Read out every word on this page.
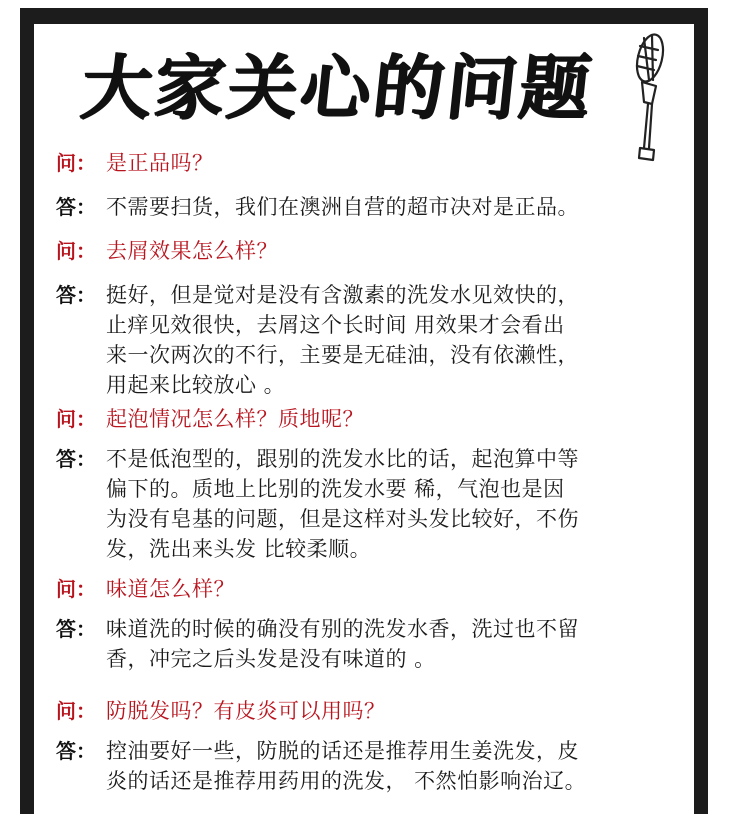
大家关心的问题
问： 是正品吗？
答： 不需要扫货，我们在澳洲自营的超市决对是正品。
问： 去屑效果怎么样？
答： 挺好，但是觉对是没有含激素的洗发水见效快的，
止痒见效很快，去屑这个长时间 用效果才会看出
来一次两次的不行，主要是无硅油，没有依濑性，
用起来比较放心 。
问： 起泡情况怎么样？质地呢？
答： 不是低泡型的，跟别的洗发水比的话，起泡算中等
偏下的。质地上比别的洗发水要 稀，气泡也是因
为没有皂基的问题，但是这样对头发比较好，不伤
发，洗出来头发 比较柔顺。
问： 味道怎么样？
答： 味道洗的时候的确没有别的洗发水香，洗过也不留
香，冲完之后头发是没有味道的 。
问： 防脱发吗？有皮炎可以用吗？
答： 控油要好一些，防脱的话还是推荐用生姜洗发，皮
炎的话还是推荐用药用的洗发， 不然怕影响治辽。
